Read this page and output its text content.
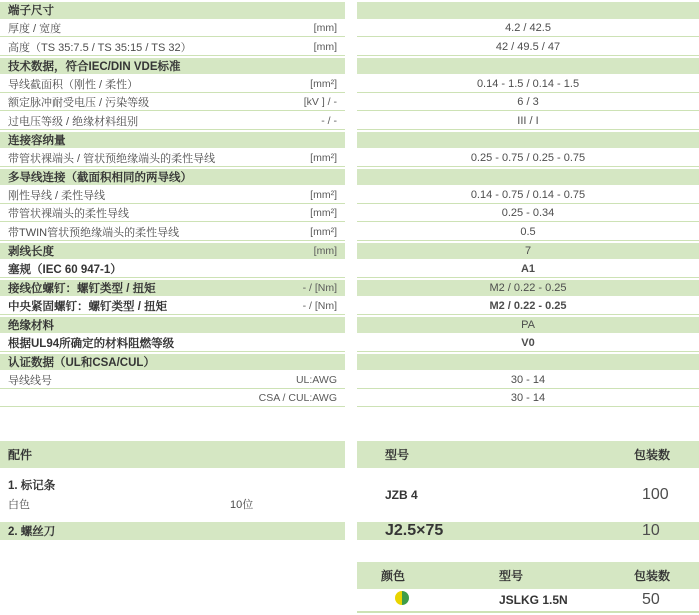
端子尺寸
厚度 / 宽度	[mm]	4.2 / 42.5
高度（TS 35:7.5 / TS 35:15 / TS 32）	[mm]	42 / 49.5 / 47
技术数据，符合IEC/DIN VDE标准
导线截面积（刚性 / 柔性）	[mm²]	0.14 - 1.5 / 0.14 - 1.5
额定脉冲耐受电压 / 污染等级	[kV ] / -	6 / 3
过电压等级 / 绝缘材料组别	- / -	III / I
连接容纳量
带管状裸端头 / 管状预绝缘端头的柔性导线	[mm²]	0.25 - 0.75 / 0.25 - 0.75
多导线连接（截面积相同的两导线）
刚性导线 / 柔性导线	[mm²]	0.14 - 0.75 / 0.14 - 0.75
带管状裸端头的柔性导线	[mm²]	0.25 - 0.34
带TWIN管状预绝缘端头的柔性导线	[mm²]	0.5
剥线长度	[mm]	7
塞规（IEC 60 947-1）	A1
接线位螺钉：螺钉类型 / 扭矩	- / [Nm]	M2 / 0.22 - 0.25
中央紧固螺钉：螺钉类型 / 扭矩	- / [Nm]	M2 / 0.22 - 0.25
绝缘材料	PA
根据UL94所确定的材料阻燃等级	V0
认证数据（UL和CSA/CUL）
导线线号	UL:AWG	30 - 14
CSA / CUL:AWG	30 - 14
配件	型号	包装数
1. 标记条
白色	10位
JZB 4	100
2. 螺丝刀	J2.5×75	10
颜色	型号	包装数
JSLKG 1.5N	50
